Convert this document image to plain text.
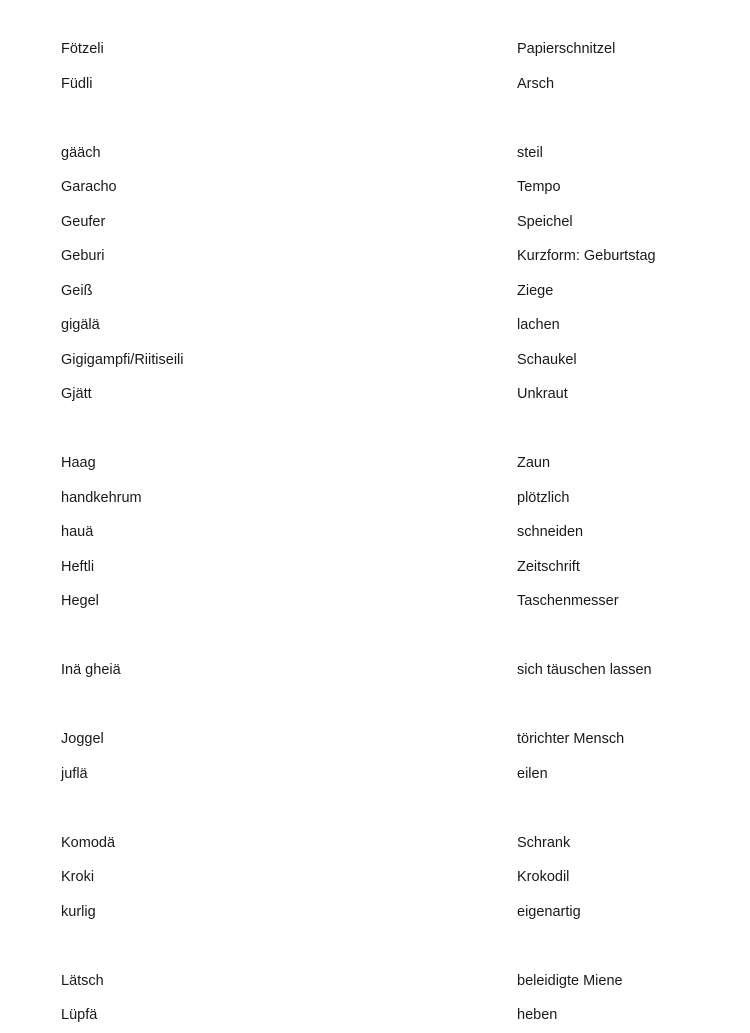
Fötzeli	Papierschnitzel
Füdli	Arsch
gääch	steil
Garacho	Tempo
Geufer	Speichel
Geburi	Kurzform: Geburtstag
Geiß	Ziege
gigälä	lachen
Gigigampfi/Riitiseili	Schaukel
Gjätt	Unkraut
Haag	Zaun
handkehrum	plötzlich
hauä	schneiden
Heftli	Zeitschrift
Hegel	Taschenmesser
Inä gheiä	sich täuschen lassen
Joggel	törichter Mensch
juflä	eilen
Komodä	Schrank
Kroki	Krokodil
kurlig	eigenartig
Lätsch	beleidigte Miene
Lüpfä	heben
